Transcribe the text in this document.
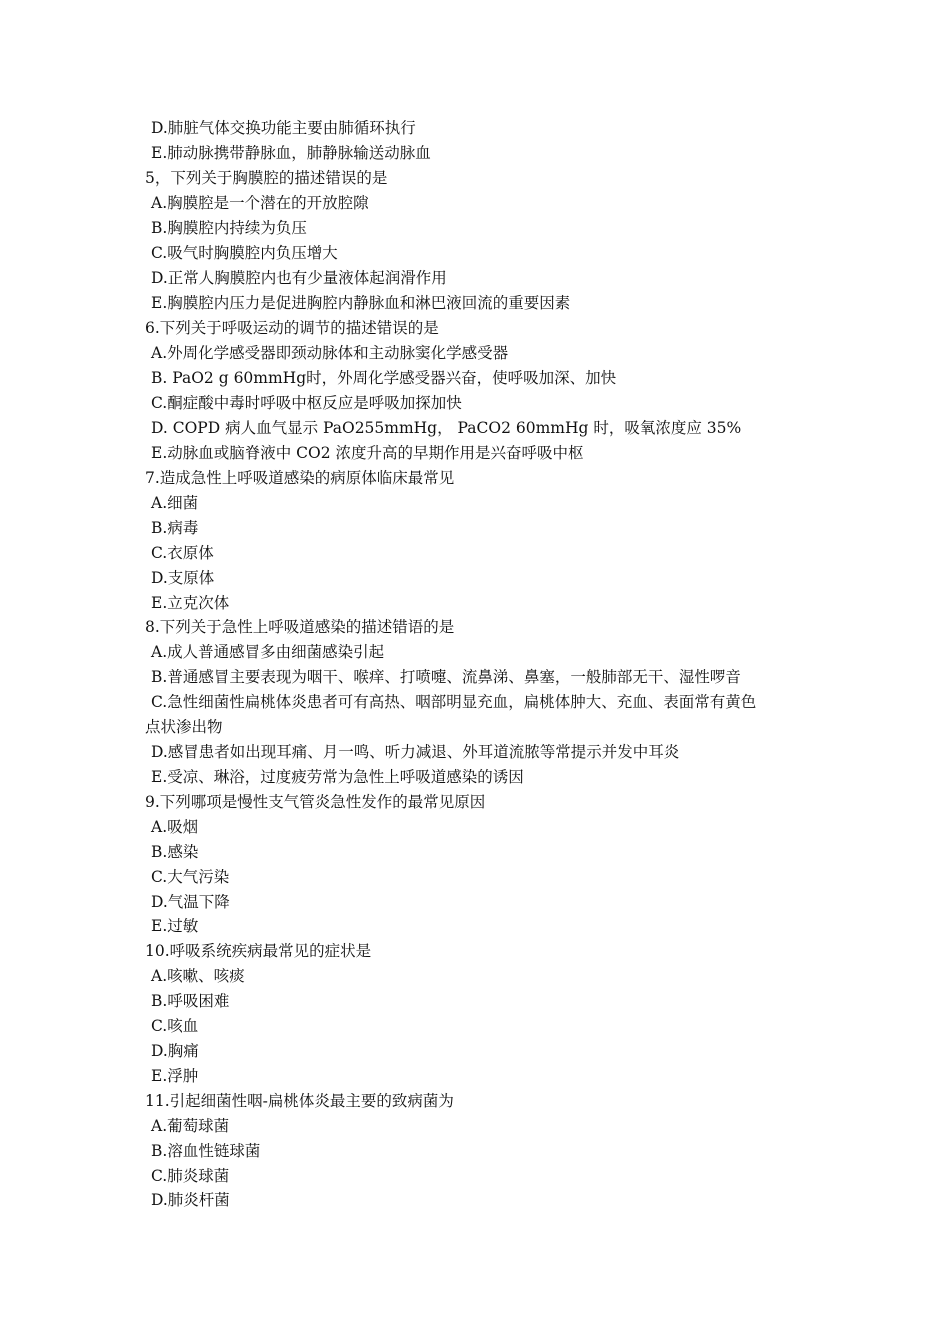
D.肺脏气体交换功能主要由肺循环执行
E.肺动脉携带静脉血，肺静脉输送动脉血
5，下列关于胸膜腔的描述错误的是
A.胸膜腔是一个潜在的开放腔隙
B.胸膜腔内持续为负压
C.吸气时胸膜腔内负压增大
D.正常人胸膜腔内也有少量液体起润滑作用
E.胸膜腔内压力是促进胸腔内静脉血和淋巴液回流的重要因素
6.下列关于呼吸运动的调节的描述错误的是
A.外周化学感受器即颈动脉体和主动脉窦化学感受器
B. PaO2 g 60mmHg时，外周化学感受器兴奋，使呼吸加深、加快
C.酮症酸中毒时呼吸中枢反应是呼吸加探加快
D. COPD 病人血气显示 PaO255mmHg， PaCO2 60mmHg 时，吸氧浓度应 35%
E.动脉血或脑脊液中 CO2 浓度升高的早期作用是兴奋呼吸中枢
7.造成急性上呼吸道感染的病原体临床最常见
A.细菌
B.病毒
C.衣原体
D.支原体
E.立克次体
8.下列关于急性上呼吸道感染的描述错语的是
A.成人普通感冒多由细菌感染引起
B.普通感冒主要表现为咽干、喉痒、打喷嚏、流鼻涕、鼻塞，一般肺部无干、湿性啰音
C.急性细菌性扁桃体炎患者可有高热、咽部明显充血，扁桃体肿大、充血、表面常有黄色
点状渗出物
D.感冒患者如出现耳痛、月一鸣、听力减退、外耳道流脓等常提示并发中耳炎
E.受凉、琳浴，过度疲劳常为急性上呼吸道感染的诱因
9.下列哪项是慢性支气管炎急性发作的最常见原因
A.吸烟
B.感染
C.大气污染
D.气温下降
E.过敏
10.呼吸系统疾病最常见的症状是
A.咳嗽、咳痰
B.呼吸困难
C.咳血
D.胸痛
E.浮肿
11.引起细菌性咽-扁桃体炎最主要的致病菌为
A.葡萄球菌
B.溶血性链球菌
C.肺炎球菌
D.肺炎杆菌
